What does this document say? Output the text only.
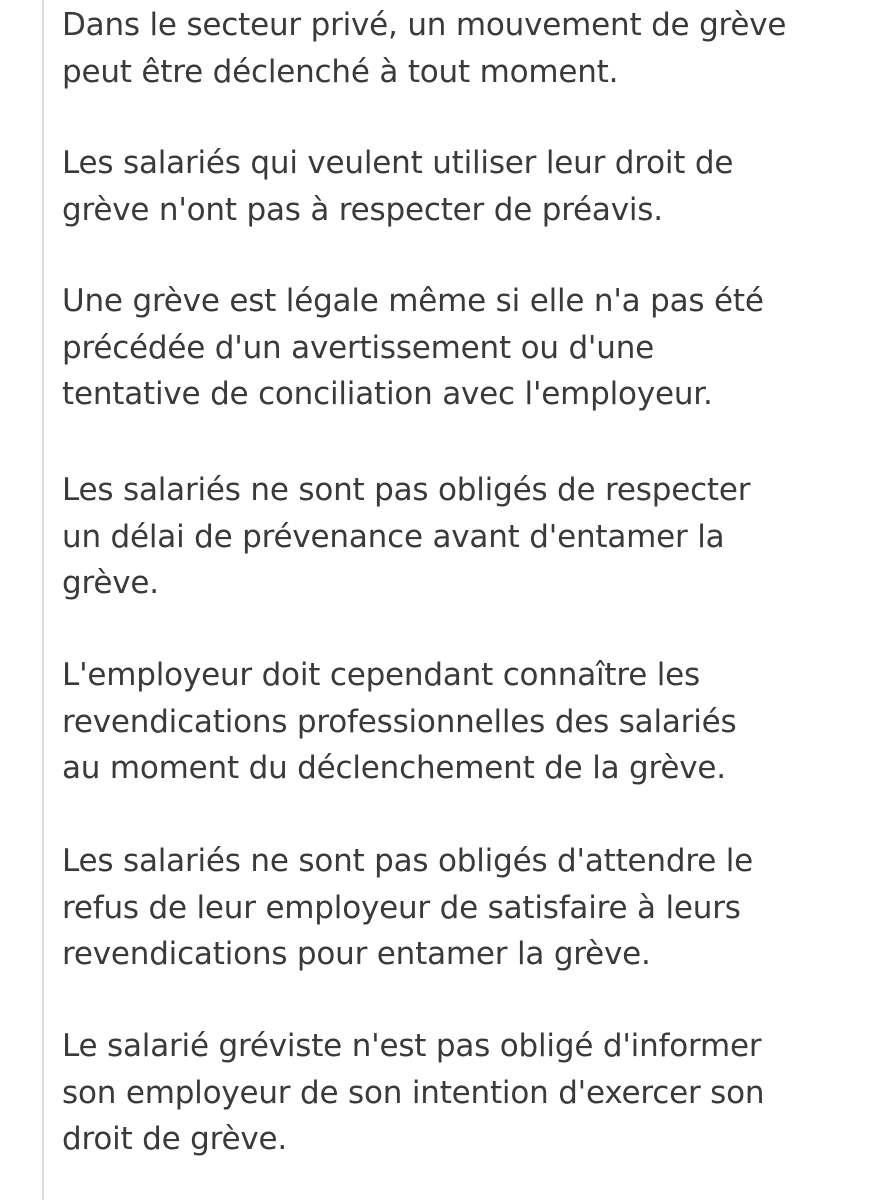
Dans le secteur privé, un mouvement de grève
peut être déclenché à tout moment.

Les salariés qui veulent utiliser leur droit de
grève n'ont pas à respecter de préavis.

Une grève est légale même si elle n'a pas été
précédée d'un avertissement ou d'une
tentative de conciliation avec l'employeur.

Les salariés ne sont pas obligés de respecter
un délai de prévenance avant d'entamer la
grève.

L'employeur doit cependant connaître les
revendications professionnelles des salariés
au moment du déclenchement de la grève.

Les salariés ne sont pas obligés d'attendre le
refus de leur employeur de satisfaire à leurs
revendications pour entamer la grève.

Le salarié gréviste n'est pas obligé d'informer
son employeur de son intention d'exercer son
droit de grève.
